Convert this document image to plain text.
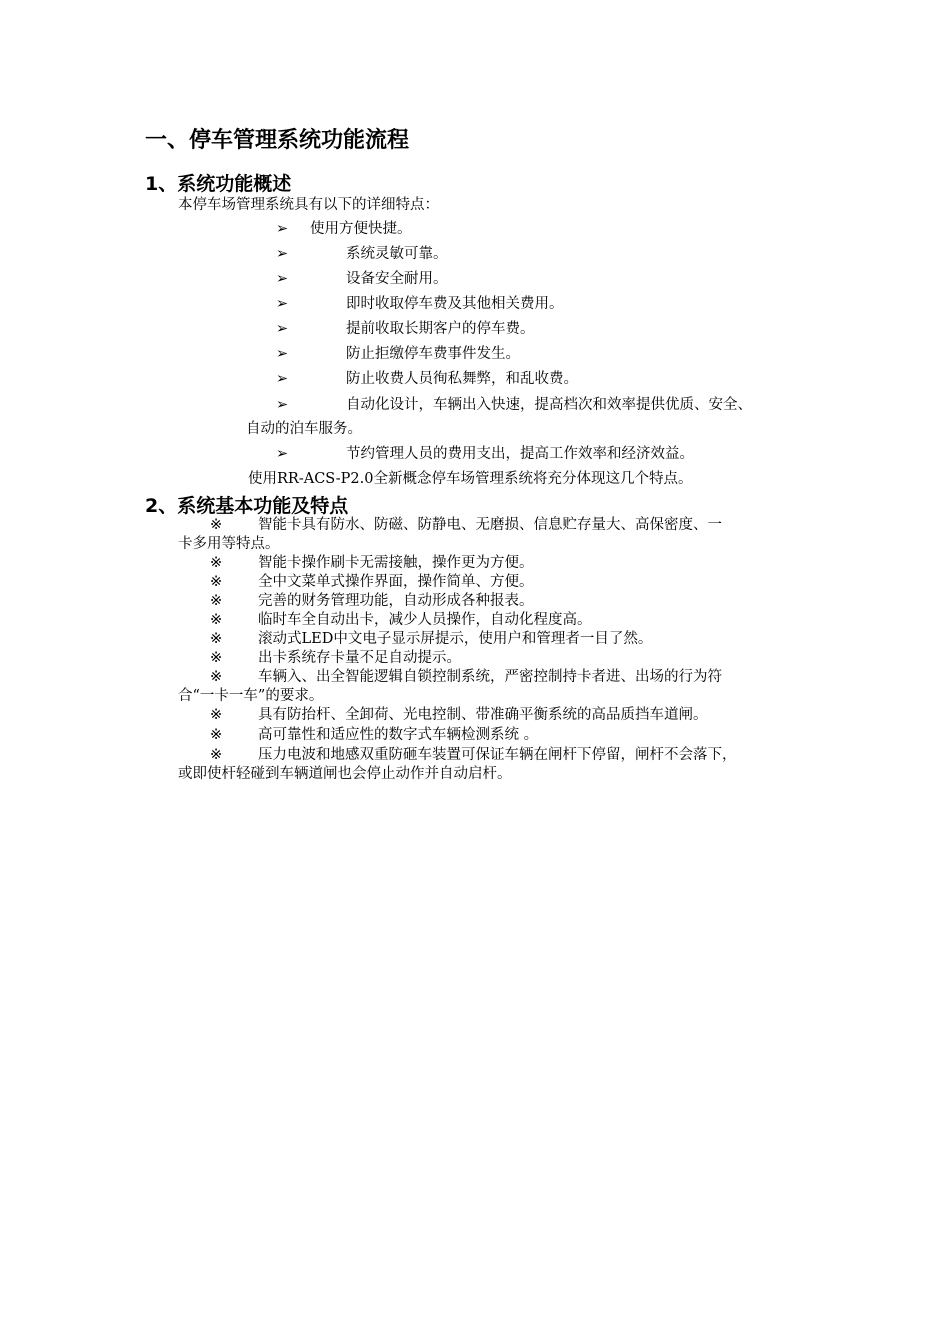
一、停车管理系统功能流程
1、系统功能概述
本停车场管理系统具有以下的详细特点：
➢ 使用方便快捷。
➢	系统灵敏可靠。
➢	设备安全耐用。
➢	即时收取停车费及其他相关费用。
➢	提前收取长期客户的停车费。
➢	防止拒缴停车费事件发生。
➢	防止收费人员徇私舞弊，和乱收费。
➢	自动化设计，车辆出入快速，提高档次和效率提供优质、安全、
自动的泊车服务。
➢	节约管理人员的费用支出，提高工作效率和经济效益。
使用RR-ACS-P2.0全新概念停车场管理系统将充分体现这几个特点。
2、系统基本功能及特点
※ 智能卡具有防水、防磁、防静电、无磨损、信息贮存量大、高保密度、一
卡多用等特点。
※ 智能卡操作刷卡无需接触，操作更为方便。
※ 全中文菜单式操作界面，操作简单、方便。
※ 完善的财务管理功能，自动形成各种报表。
※ 临时车全自动出卡，减少人员操作，自动化程度高。
※ 滚动式LED中文电子显示屏提示，使用户和管理者一目了然。
※ 出卡系统存卡量不足自动提示。
※ 车辆入、出全智能逻辑自锁控制系统，严密控制持卡者进、出场的行为符
合“一卡一车”的要求。
※ 具有防抬杆、全卸荷、光电控制、带准确平衡系统的高品质挡车道闸。
※ 高可靠性和适应性的数字式车辆检测系统 。
※ 压力电波和地感双重防砸车装置可保证车辆在闸杆下停留，闸杆不会落下，
或即使杆轻碰到车辆道闸也会停止动作并自动启杆。
